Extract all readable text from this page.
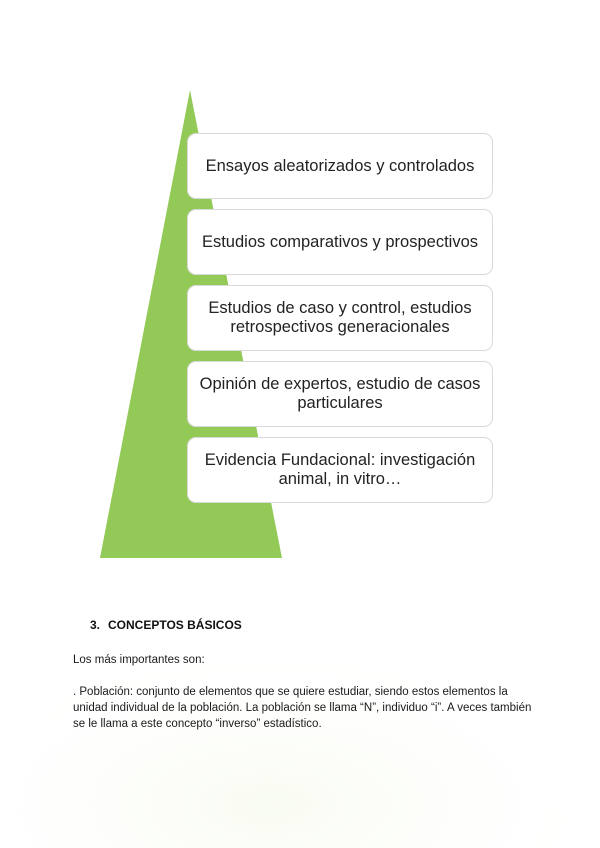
Ensayos aleatorizados y controlados
Estudios comparativos y prospectivos
Estudios de caso y control, estudios retrospectivos generacionales
Opinión de expertos, estudio de casos particulares
Evidencia Fundacional: investigación animal, in vitro…
3. CONCEPTOS BÁSICOS
Los más importantes son:
. Población: conjunto de elementos que se quiere estudiar, siendo estos elementos la unidad individual de la población. La población se llama “N”, individuo “i”. A veces también se le llama a este concepto “inverso” estadístico.
